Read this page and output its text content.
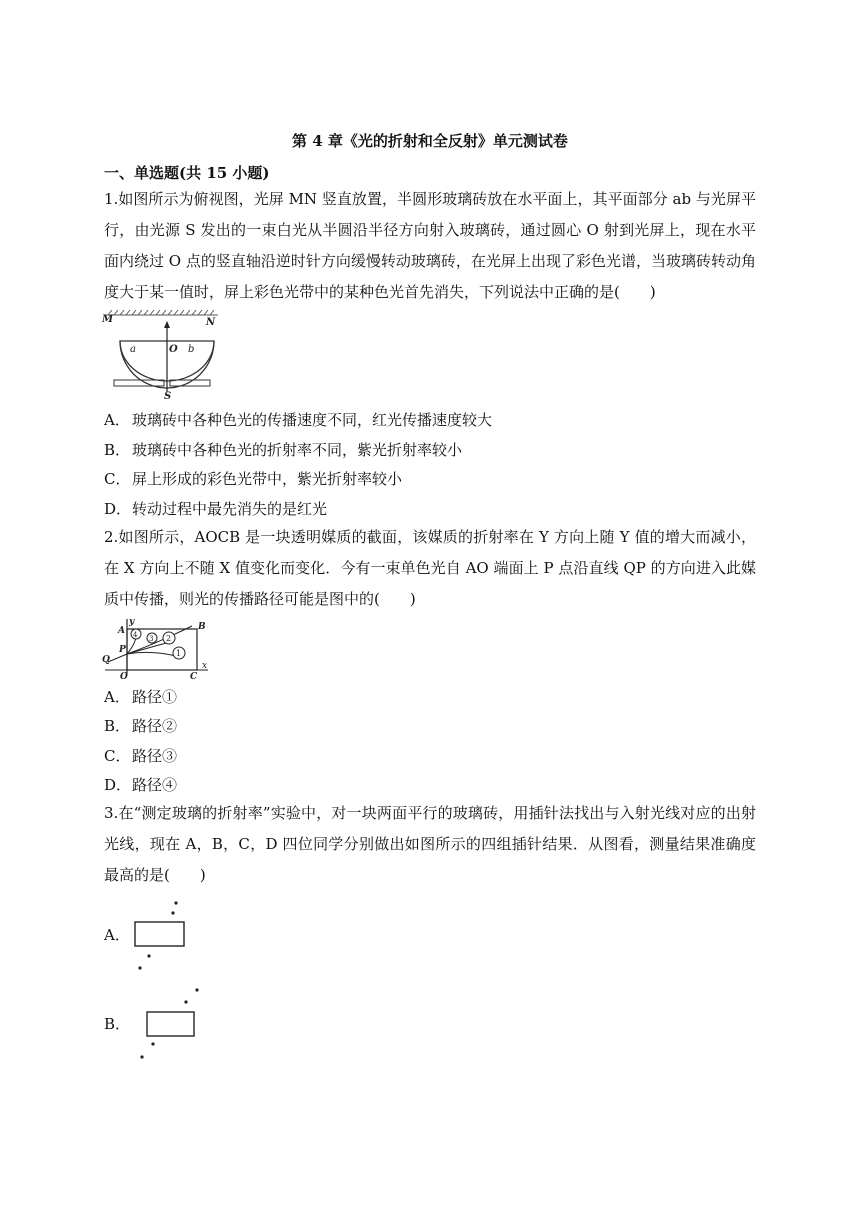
第 4 章《光的折射和全反射》单元测试卷
一、单选题(共 15 小题)
1.如图所示为俯视图，光屏 MN 竖直放置，半圆形玻璃砖放在水平面上，其平面部分 ab 与光屏平行，由光源 S 发出的一束白光从半圆沿半径方向射入玻璃砖，通过圆心 O 射到光屏上，现在水平面内绕过 O 点的竖直轴沿逆时针方向缓慢转动玻璃砖，在光屏上出现了彩色光谱，当玻璃砖转动角度大于某一值时，屏上彩色光带中的某种色光首先消失，下列说法中正确的是(　　)
M	N
a	O b
S
A． 玻璃砖中各种色光的传播速度不同，红光传播速度较大
B． 玻璃砖中各种色光的折射率不同，紫光折射率较小
C． 屏上形成的彩色光带中，紫光折射率较小
D．转动过程中最先消失的是红光
2.如图所示，AOCB 是一块透明媒质的截面，该媒质的折射率在 Y 方向上随 Y 值的增大而减小，在 X 方向上不随 X 值变化而变化．今有一束单色光自 AO 端面上 P 点沿直线 QP 的方向进入此媒质中传播，则光的传播路径可能是图中的(　　)
y
A 4 3 2
1
B
P
Q
x
O	C
A． 路径①
B． 路径②
C． 路径③
D．路径④
3.在“测定玻璃的折射率”实验中，对一块两面平行的玻璃砖，用插针法找出与入射光线对应的出射光线，现在 A，B，C，D 四位同学分别做出如图所示的四组插针结果．从图看，测量结果准确度最高的是(　　)
A．
B．
